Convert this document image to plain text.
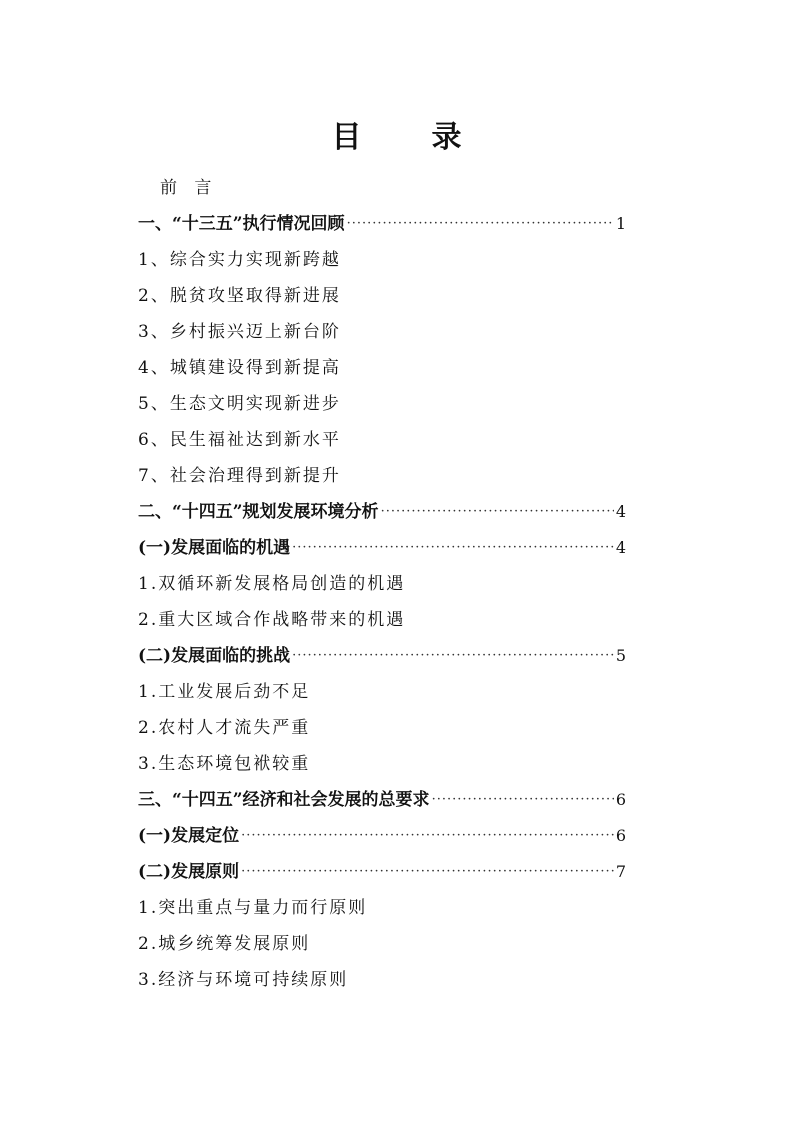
目 录
前 言
一、“十三五”执行情况回顾 ·····	1
1、综合实力实现新跨越
2、脱贫攻坚取得新进展
3、乡村振兴迈上新台阶
4、城镇建设得到新提高
5、生态文明实现新进步
6、民生福祉达到新水平
7、社会治理得到新提升
二、“十四五”规划发展环境分析 ·····	4
(一)发展面临的机遇 ·····	4
1.双循环新发展格局创造的机遇
2.重大区域合作战略带来的机遇
(二)发展面临的挑战 ·····	5
1.工业发展后劲不足
2.农村人才流失严重
3.生态环境包袱较重
三、“十四五”经济和社会发展的总要求 ·····	6
(一)发展定位 ·····	6
(二)发展原则 ·····	7
1.突出重点与量力而行原则
2.城乡统筹发展原则
3.经济与环境可持续原则
